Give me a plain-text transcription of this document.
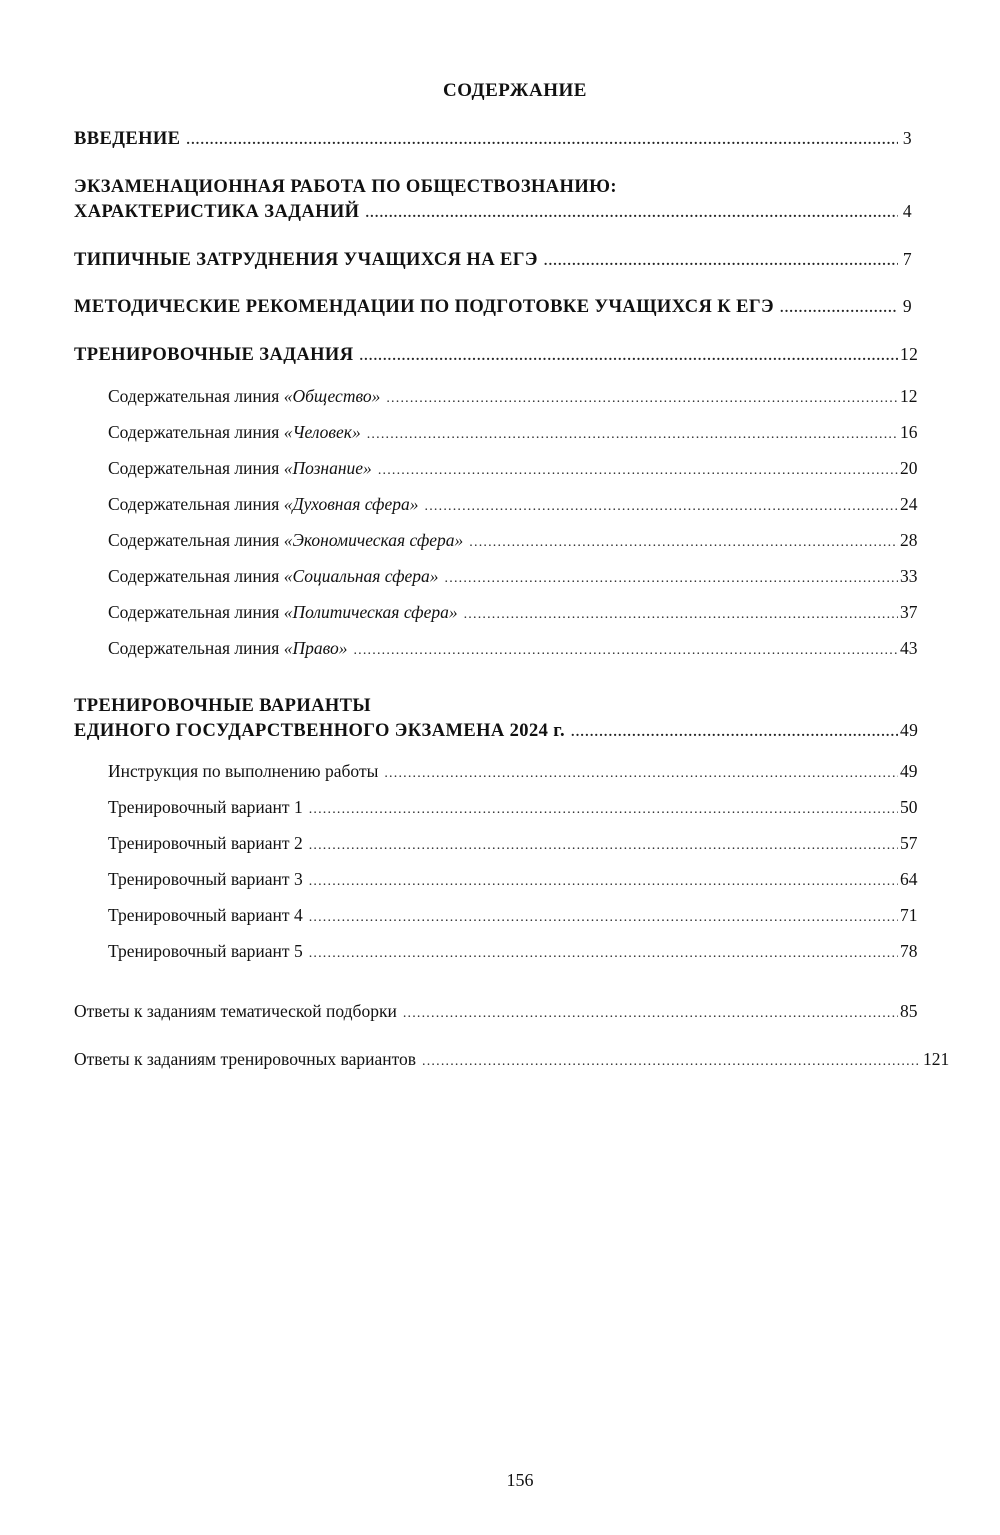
СОДЕРЖАНИЕ
ВВЕДЕНИЕ .....	3
ЭКЗАМЕНАЦИОННАЯ РАБОТА ПО ОБЩЕСТВОЗНАНИЮ:
ХАРАКТЕРИСТИКА ЗАДАНИЙ .....	4
ТИПИЧНЫЕ ЗАТРУДНЕНИЯ УЧАЩИХСЯ НА ЕГЭ .....	7
МЕТОДИЧЕСКИЕ РЕКОМЕНДАЦИИ ПО ПОДГОТОВКЕ УЧАЩИХСЯ К ЕГЭ .....	9
ТРЕНИРОВОЧНЫЕ ЗАДАНИЯ .....	12
Содержательная линия «Общество» .....	12
Содержательная линия «Человек» .....	16
Содержательная линия «Познание» .....	20
Содержательная линия «Духовная сфера» .....	24
Содержательная линия «Экономическая сфера» .....	28
Содержательная линия «Социальная сфера» .....	33
Содержательная линия «Политическая сфера» .....	37
Содержательная линия «Право» .....	43
ТРЕНИРОВОЧНЫЕ ВАРИАНТЫ
ЕДИНОГО ГОСУДАРСТВЕННОГО ЭКЗАМЕНА 2024 г. .....	49
Инструкция по выполнению работы .....	49
Тренировочный вариант 1 .....	50
Тренировочный вариант 2 .....	57
Тренировочный вариант 3 .....	64
Тренировочный вариант 4 .....	71
Тренировочный вариант 5 .....	78
Ответы к заданиям тематической подборки .....	85
Ответы к заданиям тренировочных вариантов .....	121
156
